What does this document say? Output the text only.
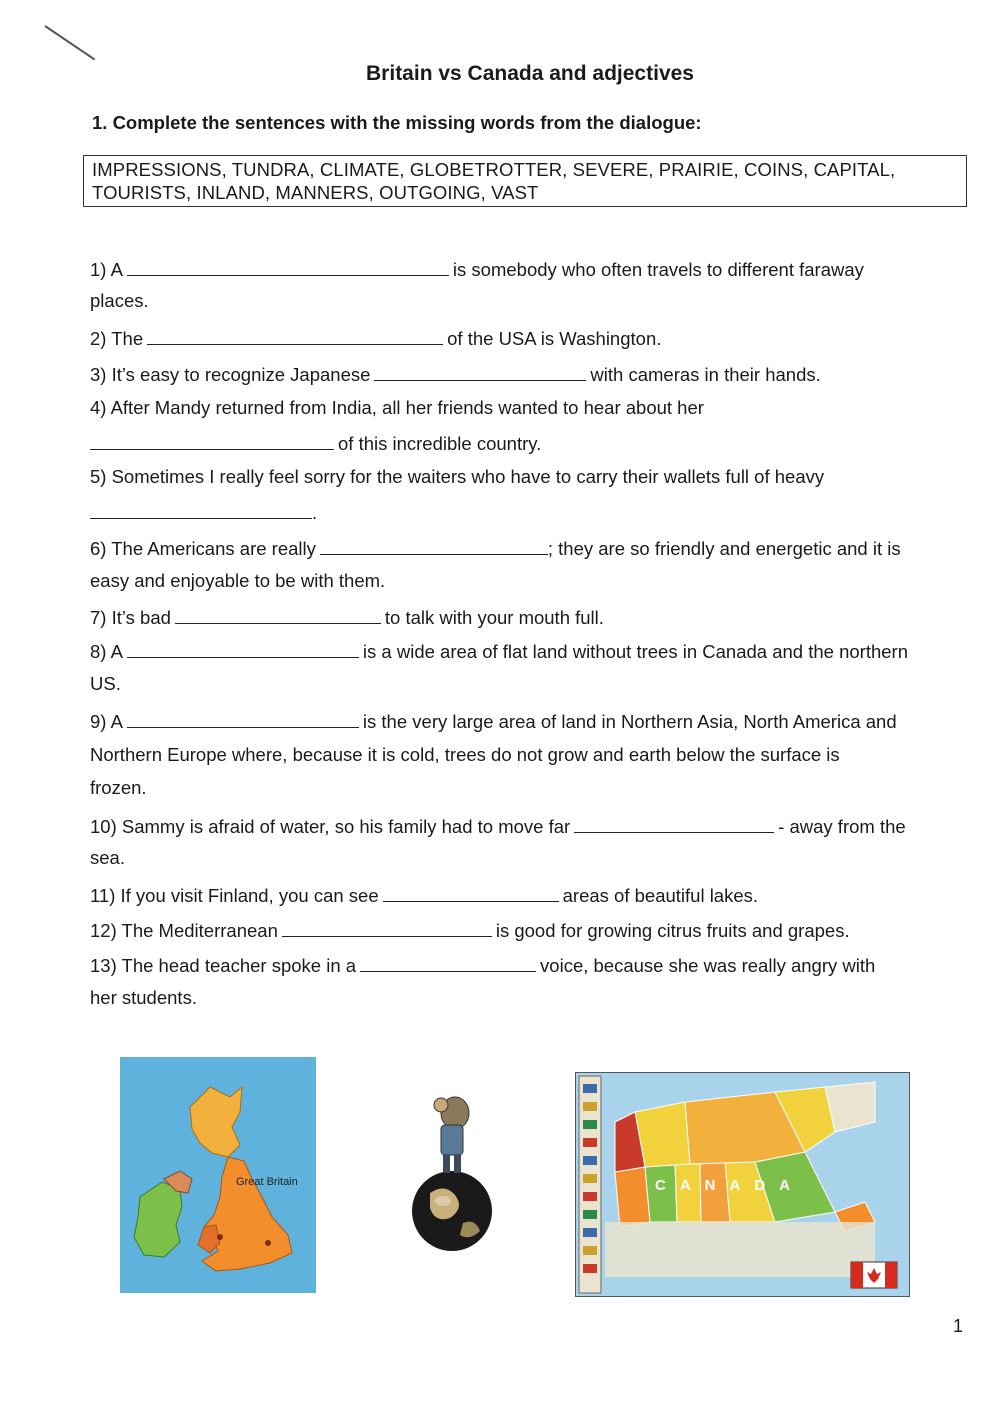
Britain vs Canada and adjectives
1. Complete the sentences with the missing words from the dialogue:
IMPRESSIONS, TUNDRA, CLIMATE, GLOBETROTTER, SEVERE, PRAIRIE, COINS, CAPITAL,
TOURISTS, INLAND, MANNERS, OUTGOING, VAST
1) A	is somebody who often travels to different faraway
places.
2) The	of the USA is Washington.
3) It’s easy to recognize Japanese	with cameras in their hands.
4) After Mandy returned from India, all her friends wanted to hear about her
of this incredible country.
5) Sometimes I really feel sorry for the waiters who have to carry their wallets full of heavy
.
6) The Americans are really	; they are so friendly and energetic and it is
easy and enjoyable to be with them.
7) It’s bad	to talk with your mouth full.
8) A	is a wide area of flat land without trees in Canada and the northern
US.
9) A	is the very large area of land in Northern Asia, North America and
Northern Europe where, because it is cold, trees do not grow and earth below the surface is
frozen.
10) Sammy is afraid of water, so his family had to move far	- away from the
sea.
11) If you visit Finland, you can see	areas of beautiful lakes.
12) The Mediterranean	is good for growing citrus fruits and grapes.
13) The head teacher spoke in a	voice, because she was really angry with
her students.
Great Britain	CANADA
1
